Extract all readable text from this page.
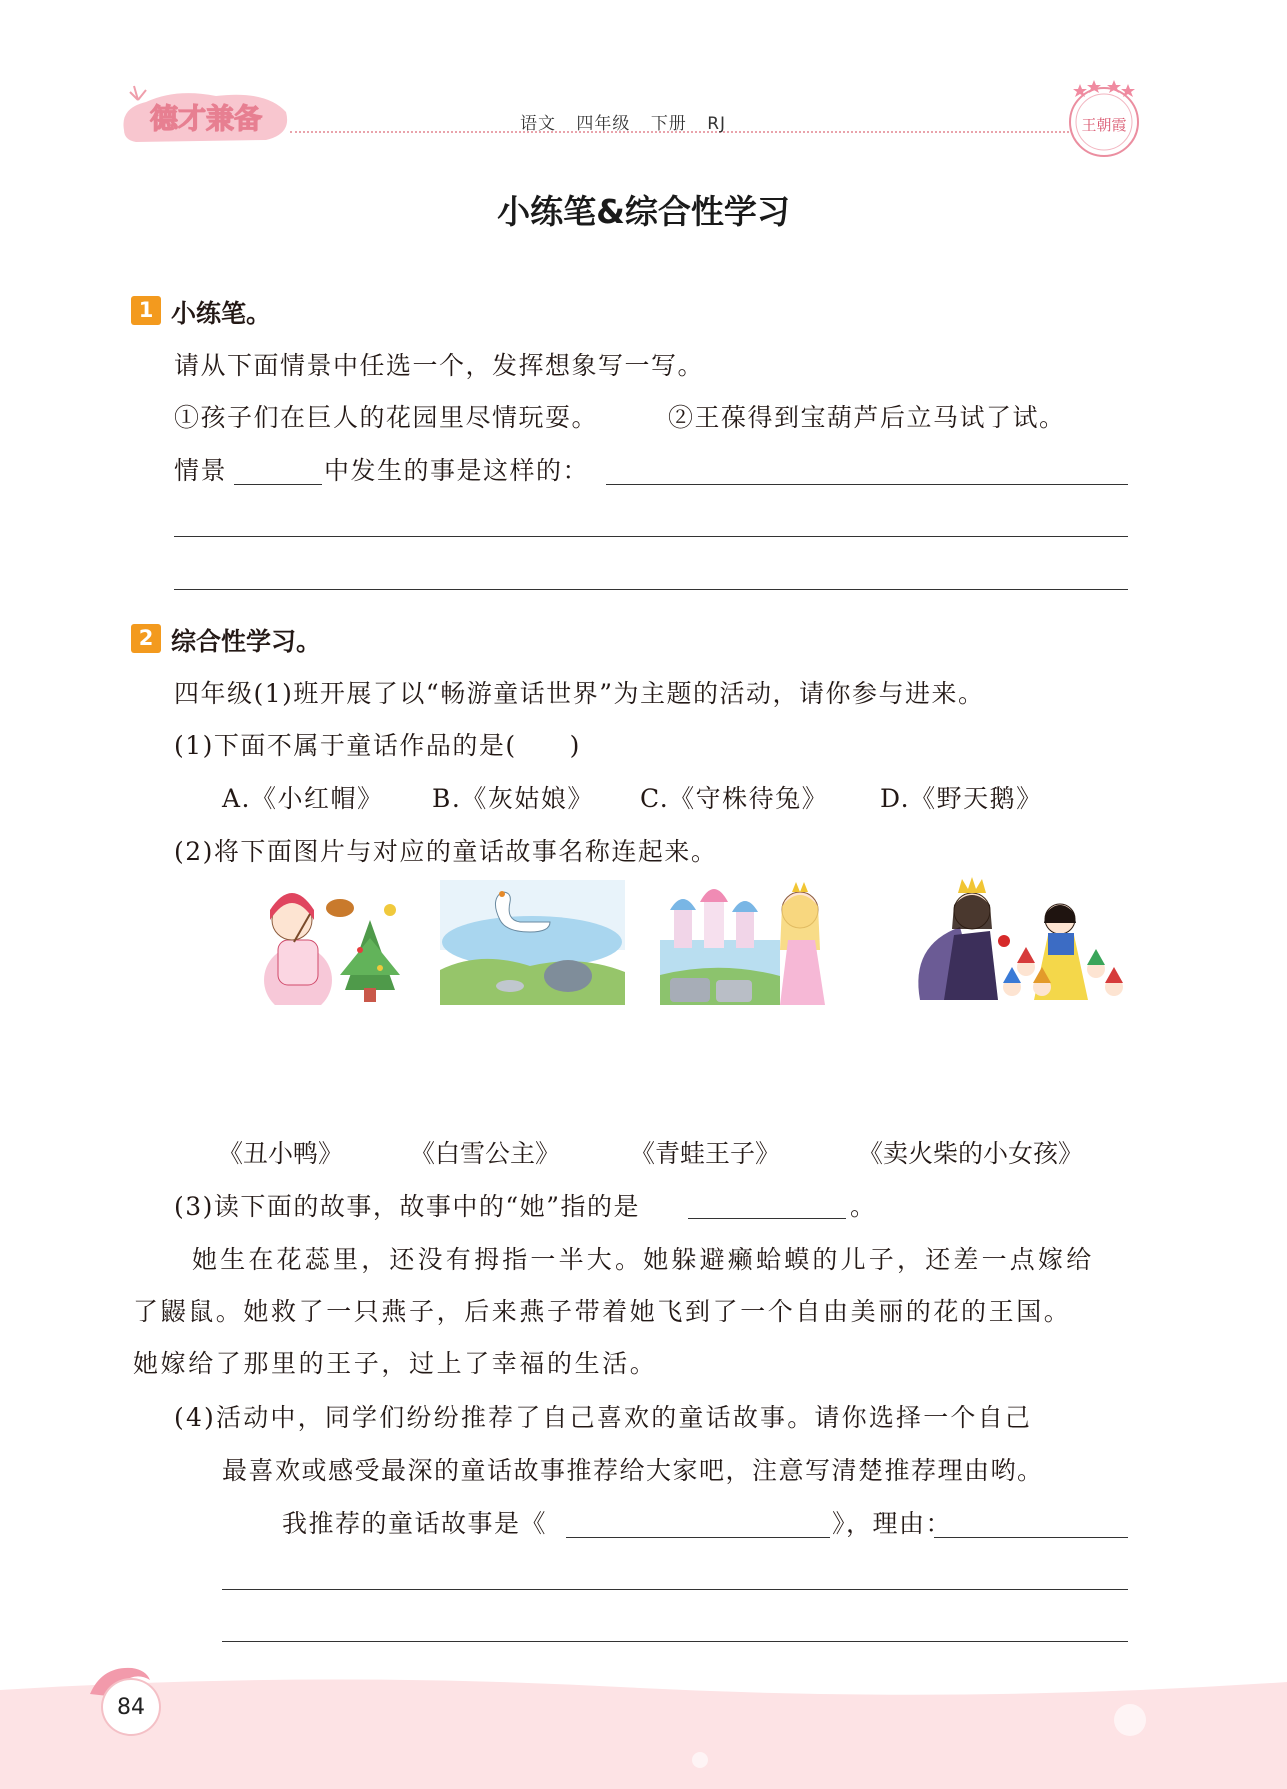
德才兼备	语文 四年级 下册 RJ	王朝霞
小练笔&综合性学习
1 小练笔。
请从下面情景中任选一个，发挥想象写一写。
①孩子们在巨人的花园里尽情玩耍。	②王葆得到宝葫芦后立马试了试。
情景	中发生的事是这样的：
2 综合性学习。
四年级(1)班开展了以“畅游童话世界”为主题的活动，请你参与进来。
(1)下面不属于童话作品的是(　　)
A.《小红帽》 B.《灰姑娘》 C.《守株待兔》 D.《野天鹅》
(2)将下面图片与对应的童话故事名称连起来。
《丑小鸭》	《白雪公主》	《青蛙王子》	《卖火柴的小女孩》
(3)读下面的故事，故事中的“她”指的是	。
她生在花蕊里，还没有拇指一半大。她躲避癞蛤蟆的儿子，还差一点嫁给
了鼹鼠。她救了一只燕子，后来燕子带着她飞到了一个自由美丽的花的王国。
她嫁给了那里的王子，过上了幸福的生活。
(4)活动中，同学们纷纷推荐了自己喜欢的童话故事。请你选择一个自己
最喜欢或感受最深的童话故事推荐给大家吧，注意写清楚推荐理由哟。
我推荐的童话故事是《	》，理由：
84
